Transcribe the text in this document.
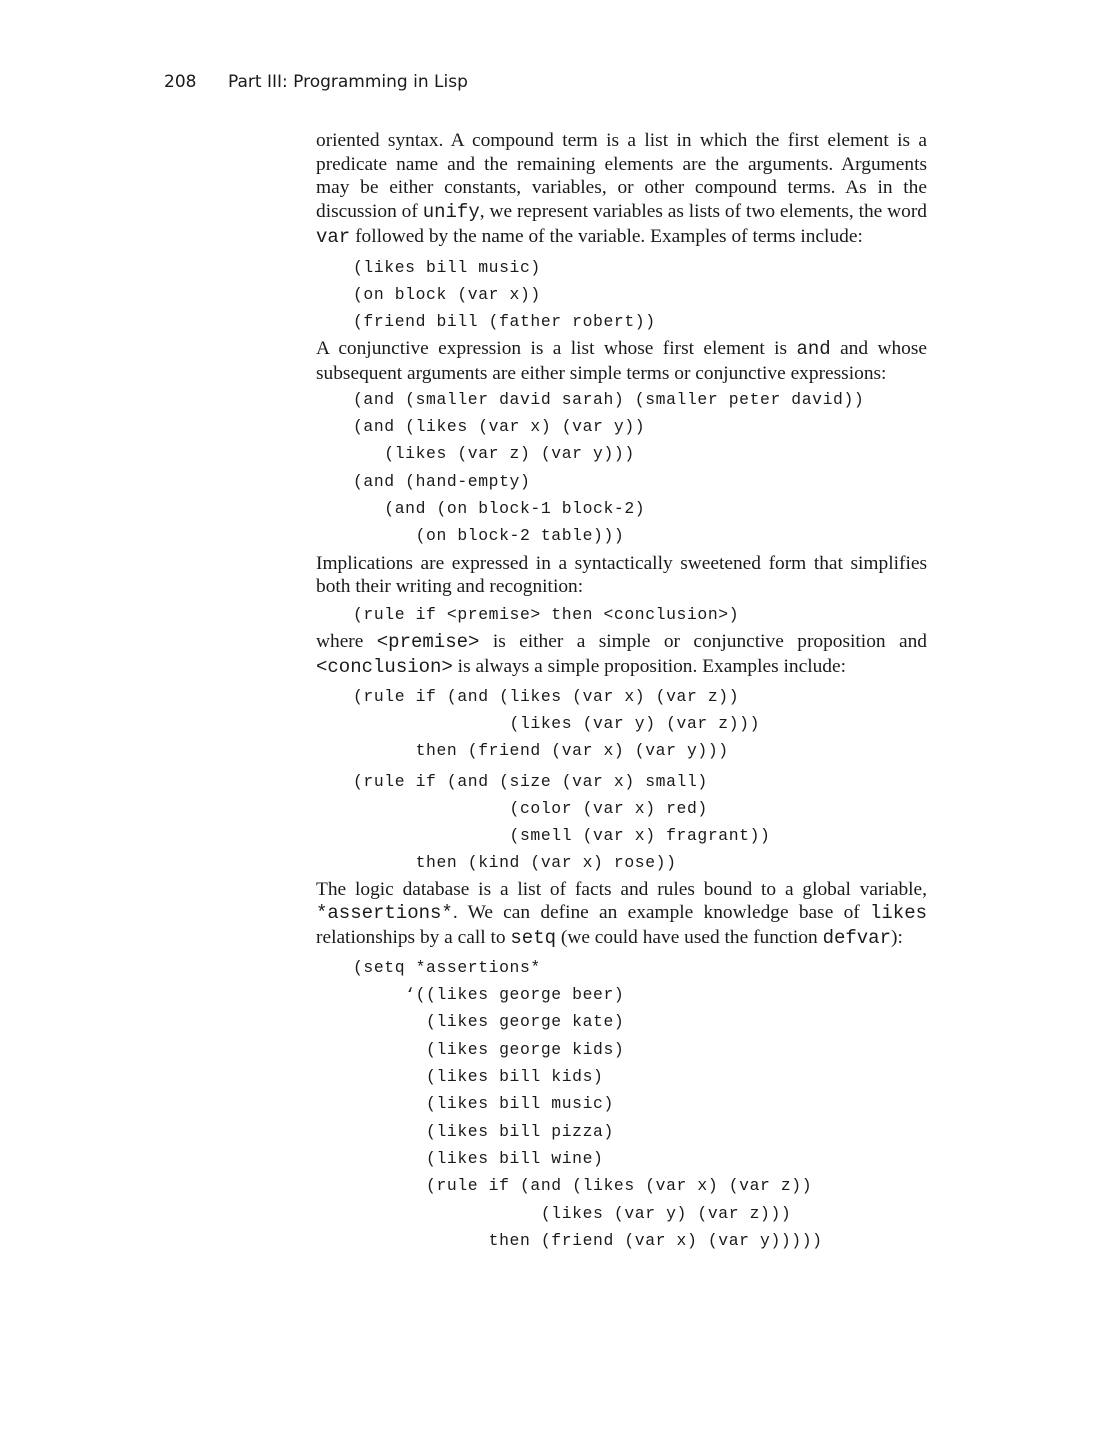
208 Part III: Programming in Lisp

oriented syntax. A compound term is a list in which the first element is a predicate name and the remaining elements are the arguments. Arguments may be either constants, variables, or other compound terms. As in the discussion of unify, we represent variables as lists of two elements, the word var followed by the name of the variable. Examples of terms include:

(likes bill music)
(on block (var x))
(friend bill (father robert))

A conjunctive expression is a list whose first element is and and whose subsequent arguments are either simple terms or conjunctive expressions:

(and (smaller david sarah) (smaller peter david))
(and (likes (var x) (var y))
(likes (var z) (var y)))
(and (hand-empty)
(and (on block-1 block-2)
(on block-2 table)))

Implications are expressed in a syntactically sweetened form that simplifies both their writing and recognition:

(rule if <premise> then <conclusion>)

where <premise> is either a simple or conjunctive proposition and <conclusion> is always a simple proposition. Examples include:

(rule if (and (likes (var x) (var z))
(likes (var y) (var z)))
then (friend (var x) (var y)))
(rule if (and (size (var x) small)
(color (var x) red)
(smell (var x) fragrant))
then (kind (var x) rose))

The logic database is a list of facts and rules bound to a global variable, *assertions*. We can define an example knowledge base of likes relationships by a call to setq (we could have used the function defvar):

(setq *assertions*
‘((likes george beer)
(likes george kate)
(likes george kids)
(likes bill kids)
(likes bill music)
(likes bill pizza)
(likes bill wine)
(rule if (and (likes (var x) (var z))
(likes (var y) (var z)))
then (friend (var x) (var y)))))
